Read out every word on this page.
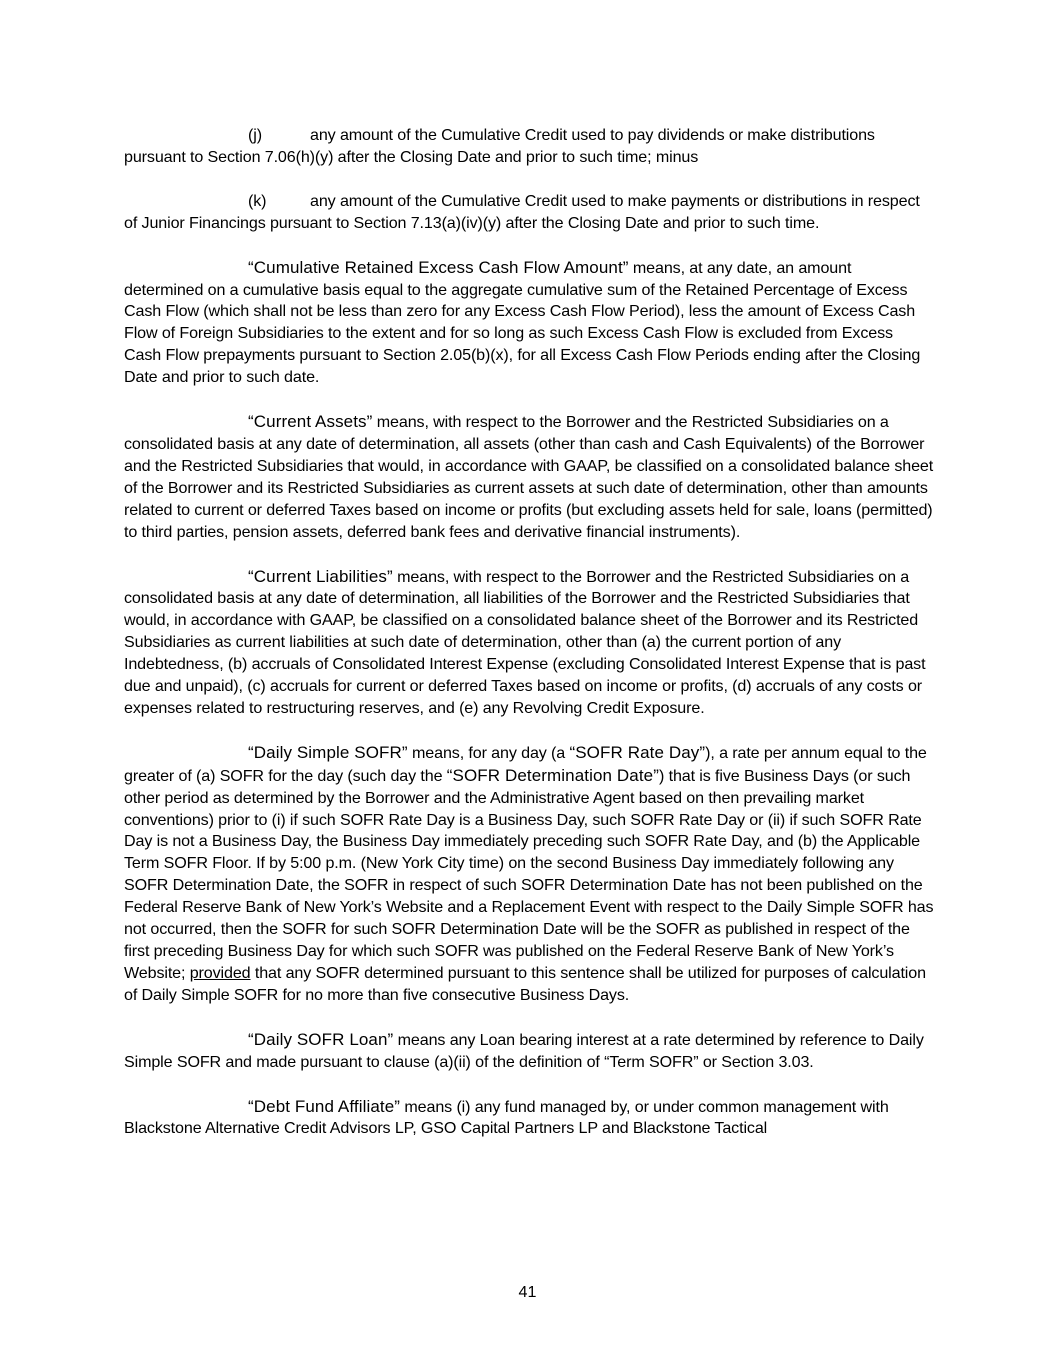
(j)	any amount of the Cumulative Credit used to pay dividends or make distributions pursuant to Section 7.06(h)(y) after the Closing Date and prior to such time; minus

(k)	any amount of the Cumulative Credit used to make payments or distributions in respect of Junior Financings pursuant to Section 7.13(a)(iv)(y) after the Closing Date and prior to such time.

“Cumulative Retained Excess Cash Flow Amount” means, at any date, an amount determined on a cumulative basis equal to the aggregate cumulative sum of the Retained Percentage of Excess Cash Flow (which shall not be less than zero for any Excess Cash Flow Period), less the amount of Excess Cash Flow of Foreign Subsidiaries to the extent and for so long as such Excess Cash Flow is excluded from Excess Cash Flow prepayments pursuant to Section 2.05(b)(x), for all Excess Cash Flow Periods ending after the Closing Date and prior to such date.

“Current Assets” means, with respect to the Borrower and the Restricted Subsidiaries on a consolidated basis at any date of determination, all assets (other than cash and Cash Equivalents) of the Borrower and the Restricted Subsidiaries that would, in accordance with GAAP, be classified on a consolidated balance sheet of the Borrower and its Restricted Subsidiaries as current assets at such date of determination, other than amounts related to current or deferred Taxes based on income or profits (but excluding assets held for sale, loans (permitted) to third parties, pension assets, deferred bank fees and derivative financial instruments).

“Current Liabilities” means, with respect to the Borrower and the Restricted Subsidiaries on a consolidated basis at any date of determination, all liabilities of the Borrower and the Restricted Subsidiaries that would, in accordance with GAAP, be classified on a consolidated balance sheet of the Borrower and its Restricted Subsidiaries as current liabilities at such date of determination, other than (a) the current portion of any Indebtedness, (b) accruals of Consolidated Interest Expense (excluding Consolidated Interest Expense that is past due and unpaid), (c) accruals for current or deferred Taxes based on income or profits, (d) accruals of any costs or expenses related to restructuring reserves, and (e) any Revolving Credit Exposure.

“Daily Simple SOFR” means, for any day (a “SOFR Rate Day”), a rate per annum equal to the greater of (a) SOFR for the day (such day the “SOFR Determination Date”) that is five Business Days (or such other period as determined by the Borrower and the Administrative Agent based on then prevailing market conventions) prior to (i) if such SOFR Rate Day is a Business Day, such SOFR Rate Day or (ii) if such SOFR Rate Day is not a Business Day, the Business Day immediately preceding such SOFR Rate Day, and (b) the Applicable Term SOFR Floor. If by 5:00 p.m. (New York City time) on the second Business Day immediately following any SOFR Determination Date, the SOFR in respect of such SOFR Determination Date has not been published on the Federal Reserve Bank of New York’s Website and a Replacement Event with respect to the Daily Simple SOFR has not occurred, then the SOFR for such SOFR Determination Date will be the SOFR as published in respect of the first preceding Business Day for which such SOFR was published on the Federal Reserve Bank of New York’s Website; provided that any SOFR determined pursuant to this sentence shall be utilized for purposes of calculation of Daily Simple SOFR for no more than five consecutive Business Days.

“Daily SOFR Loan” means any Loan bearing interest at a rate determined by reference to Daily Simple SOFR and made pursuant to clause (a)(ii) of the definition of “Term SOFR” or Section 3.03.

“Debt Fund Affiliate” means (i) any fund managed by, or under common management with Blackstone Alternative Credit Advisors LP, GSO Capital Partners LP and Blackstone Tactical

41
